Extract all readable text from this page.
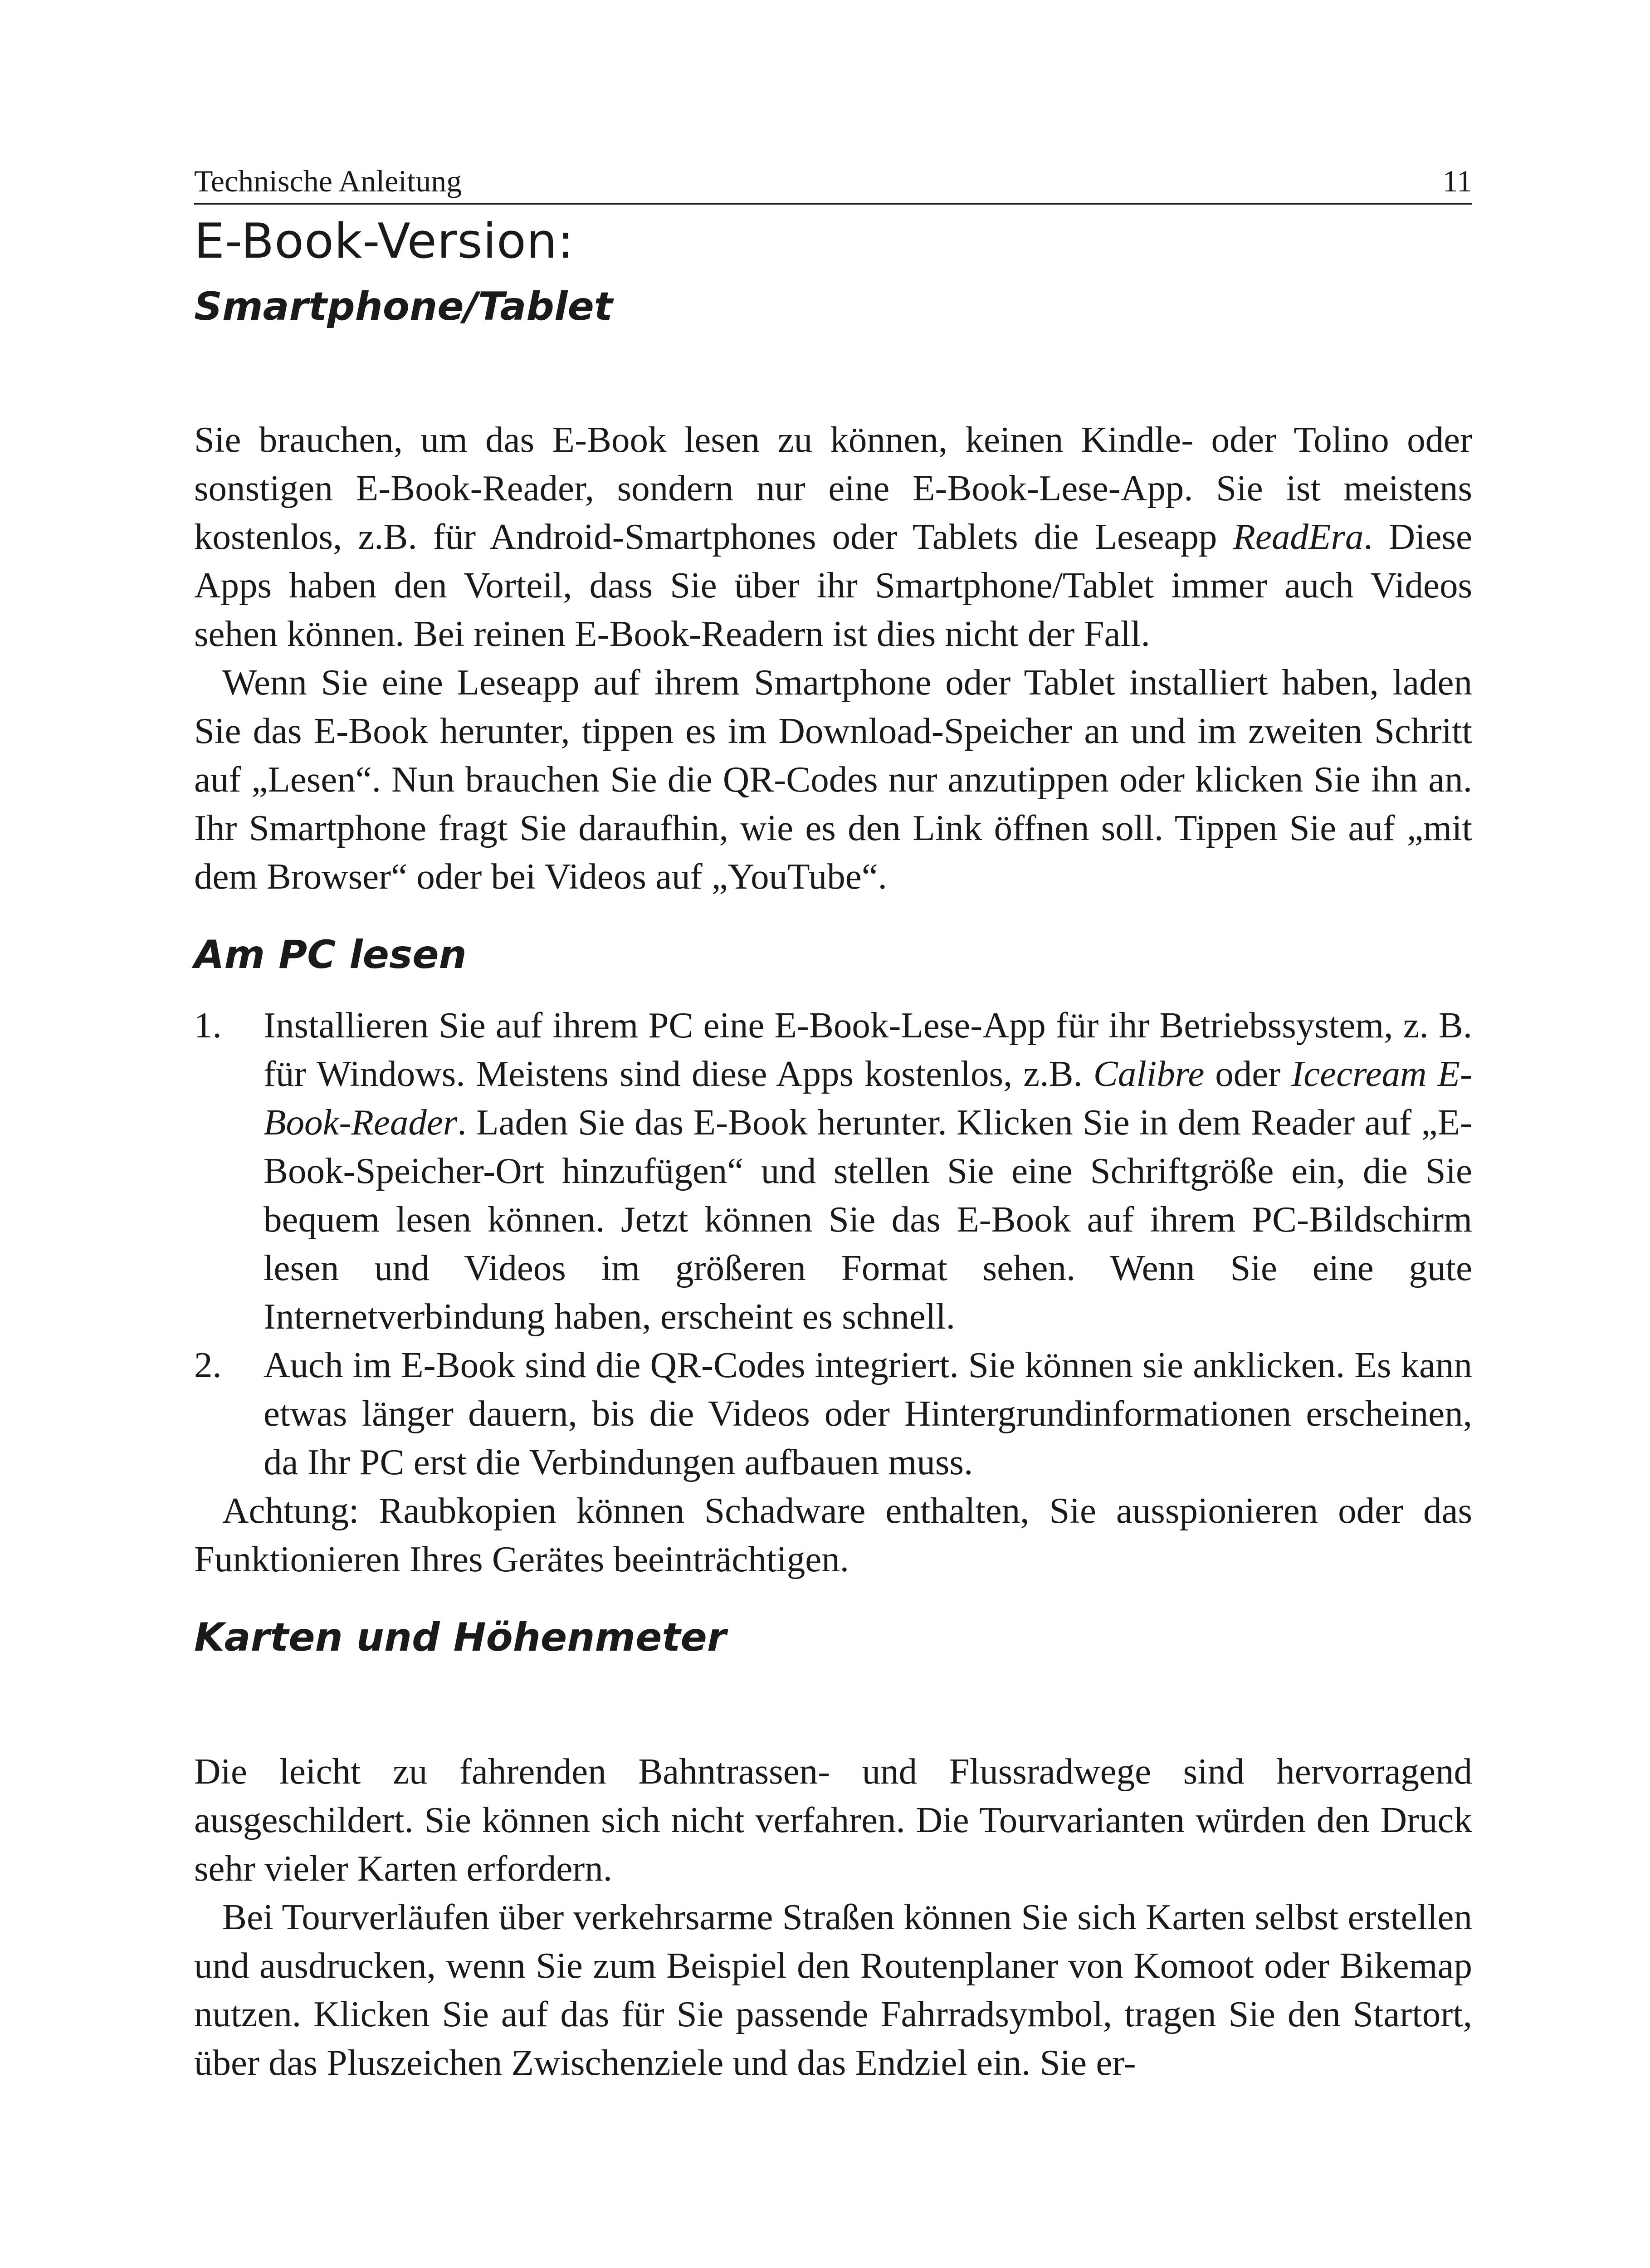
Technische Anleitung	11
E-Book-Version:
Smartphone/Tablet

Sie brauchen, um das E-Book lesen zu können, keinen Kindle- oder Tolino oder sonstigen E-Book-Reader, sondern nur eine E-Book-Lese-App. Sie ist meistens kostenlos, z.B. für Android-Smartphones oder Tablets die Leseapp ReadEra. Diese Apps haben den Vorteil, dass Sie über ihr Smartphone/Tablet immer auch Videos sehen können. Bei reinen E-Book-Readern ist dies nicht der Fall.

Wenn Sie eine Leseapp auf ihrem Smartphone oder Tablet installiert haben, laden Sie das E-Book herunter, tippen es im Download-Speicher an und im zweiten Schritt auf „Lesen“. Nun brauchen Sie die QR-Codes nur anzutippen oder klicken Sie ihn an. Ihr Smartphone fragt Sie daraufhin, wie es den Link öffnen soll. Tippen Sie auf „mit dem Browser“ oder bei Videos auf „YouTube“.

Am PC lesen
1.	Installieren Sie auf ihrem PC eine E-Book-Lese-App für ihr Betriebssystem, z. B. für Windows. Meistens sind diese Apps kostenlos, z.B. Calibre oder Icecream E-Book-Reader. Laden Sie das E-Book herunter. Klicken Sie in dem Reader auf „E-Book-Speicher-Ort hinzufügen“ und stellen Sie eine Schriftgröße ein, die Sie bequem lesen können. Jetzt können Sie das E-Book auf ihrem PC-Bildschirm lesen und Videos im größeren Format sehen. Wenn Sie eine gute Internetverbindung haben, erscheint es schnell.
2.	Auch im E-Book sind die QR-Codes integriert. Sie können sie anklicken. Es kann etwas länger dauern, bis die Videos oder Hintergrundinformationen erscheinen, da Ihr PC erst die Verbindungen aufbauen muss.

Achtung: Raubkopien können Schadware enthalten, Sie ausspionieren oder das Funktionieren Ihres Gerätes beeinträchtigen.

Karten und Höhenmeter

Die leicht zu fahrenden Bahntrassen- und Flussradwege sind hervorragend ausgeschildert. Sie können sich nicht verfahren. Die Tourvarianten würden den Druck sehr vieler Karten erfordern.

Bei Tourverläufen über verkehrsarme Straßen können Sie sich Karten selbst erstellen und ausdrucken, wenn Sie zum Beispiel den Routenplaner von Komoot oder Bikemap nutzen. Klicken Sie auf das für Sie passende Fahrradsymbol, tragen Sie den Startort, über das Pluszeichen Zwischenziele und das Endziel ein. Sie er-
